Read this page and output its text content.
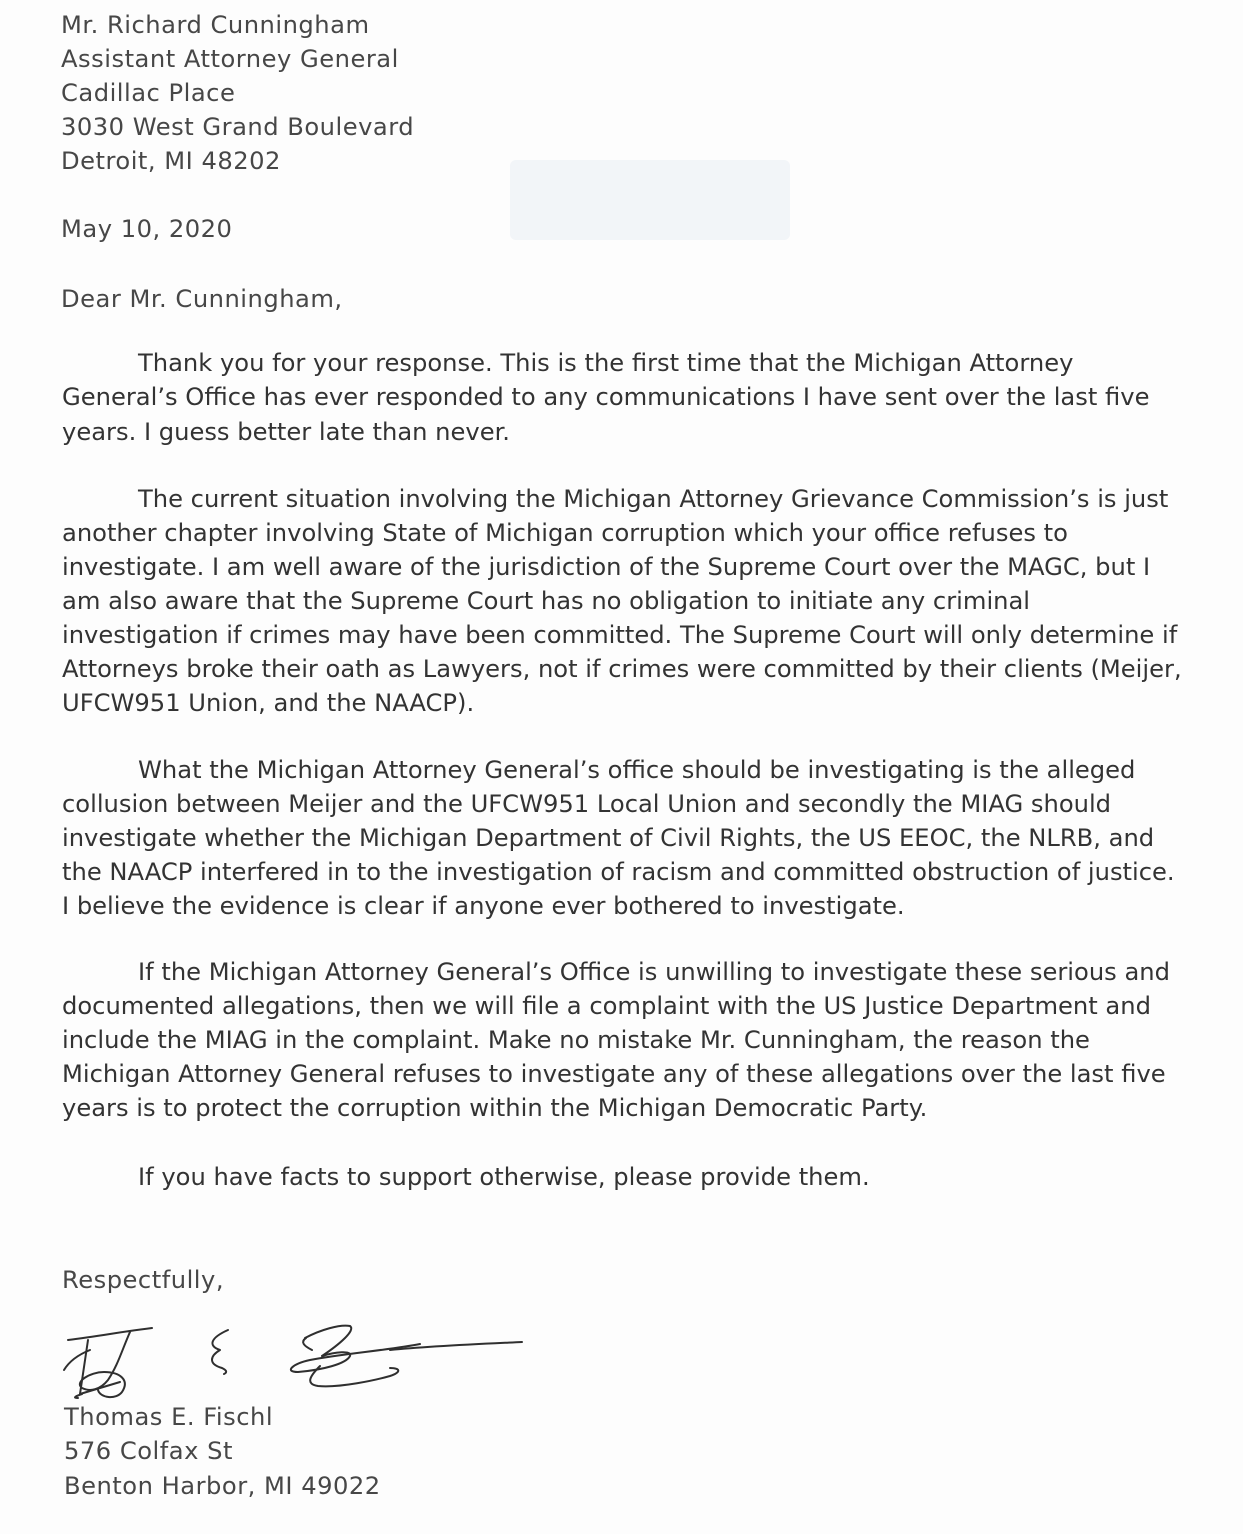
Mr. Richard Cunningham
Assistant Attorney General
Cadillac Place
3030 West Grand Boulevard
Detroit, MI 48202
May 10, 2020
Dear Mr. Cunningham,
Thank you for your response. This is the first time that the Michigan Attorney
General’s Office has ever responded to any communications I have sent over the last five
years. I guess better late than never.
The current situation involving the Michigan Attorney Grievance Commission’s is just
another chapter involving State of Michigan corruption which your office refuses to
investigate. I am well aware of the jurisdiction of the Supreme Court over the MAGC, but I
am also aware that the Supreme Court has no obligation to initiate any criminal
investigation if crimes may have been committed. The Supreme Court will only determine if
Attorneys broke their oath as Lawyers, not if crimes were committed by their clients (Meijer,
UFCW951 Union, and the NAACP).
What the Michigan Attorney General’s office should be investigating is the alleged
collusion between Meijer and the UFCW951 Local Union and secondly the MIAG should
investigate whether the Michigan Department of Civil Rights, the US EEOC, the NLRB, and
the NAACP interfered in to the investigation of racism and committed obstruction of justice.
I believe the evidence is clear if anyone ever bothered to investigate.
If the Michigan Attorney General’s Office is unwilling to investigate these serious and
documented allegations, then we will file a complaint with the US Justice Department and
include the MIAG in the complaint. Make no mistake Mr. Cunningham, the reason the
Michigan Attorney General refuses to investigate any of these allegations over the last five
years is to protect the corruption within the Michigan Democratic Party.
If you have facts to support otherwise, please provide them.
Respectfully,
Thomas E. Fischl
576 Colfax St
Benton Harbor, MI 49022
